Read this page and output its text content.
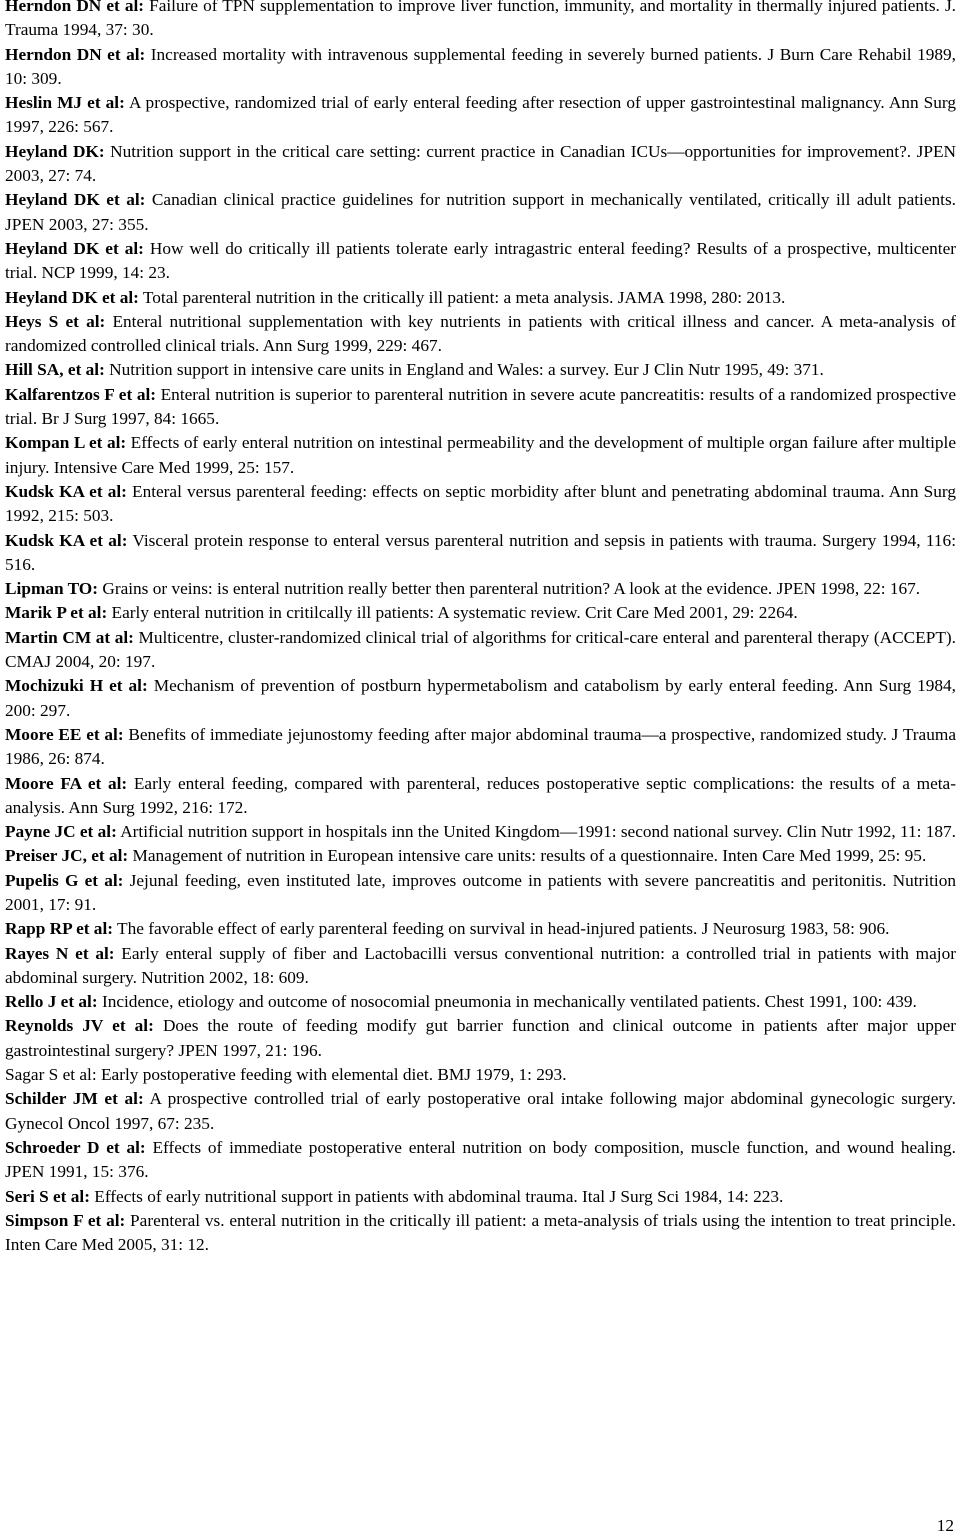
Herndon DN et al: Failure of TPN supplementation to improve liver function, immunity, and mortality in thermally injured patients. J. Trauma 1994, 37: 30.

Herndon DN et al: Increased mortality with intravenous supplemental feeding in severely burned patients. J Burn Care Rehabil 1989, 10: 309.

Heslin MJ et al: A prospective, randomized trial of early enteral feeding after resection of upper gastrointestinal malignancy. Ann Surg 1997, 226: 567.

Heyland DK: Nutrition support in the critical care setting: current practice in Canadian ICUs—opportunities for improvement?. JPEN 2003, 27: 74.

Heyland DK et al: Canadian clinical practice guidelines for nutrition support in mechanically ventilated, critically ill adult patients. JPEN 2003, 27: 355.

Heyland DK et al: How well do critically ill patients tolerate early intragastric enteral feeding? Results of a prospective, multicenter trial. NCP 1999, 14: 23.

Heyland DK et al: Total parenteral nutrition in the critically ill patient: a meta analysis. JAMA 1998, 280: 2013.

Heys S et al: Enteral nutritional supplementation with key nutrients in patients with critical illness and cancer. A meta-analysis of randomized controlled clinical trials. Ann Surg 1999, 229: 467.

Hill SA, et al: Nutrition support in intensive care units in England and Wales: a survey. Eur J Clin Nutr 1995, 49: 371.

Kalfarentzos F et al: Enteral nutrition is superior to parenteral nutrition in severe acute pancreatitis: results of a randomized prospective trial. Br J Surg 1997, 84: 1665.

Kompan L et al: Effects of early enteral nutrition on intestinal permeability and the development of multiple organ failure after multiple injury. Intensive Care Med 1999, 25: 157.

Kudsk KA et al: Enteral versus parenteral feeding: effects on septic morbidity after blunt and penetrating abdominal trauma. Ann Surg 1992, 215: 503.

Kudsk KA et al: Visceral protein response to enteral versus parenteral nutrition and sepsis in patients with trauma. Surgery 1994, 116: 516.

Lipman TO: Grains or veins: is enteral nutrition really better then parenteral nutrition? A look at the evidence. JPEN 1998, 22: 167.

Marik P et al: Early enteral nutrition in critilcally ill patients: A systematic review. Crit Care Med 2001, 29: 2264.

Martin CM at al: Multicentre, cluster-randomized clinical trial of algorithms for critical-care enteral and parenteral therapy (ACCEPT). CMAJ 2004, 20: 197.

Mochizuki H et al: Mechanism of prevention of postburn hypermetabolism and catabolism by early enteral feeding. Ann Surg 1984, 200: 297.

Moore EE et al: Benefits of immediate jejunostomy feeding after major abdominal trauma—a prospective, randomized study. J Trauma 1986, 26: 874.

Moore FA et al: Early enteral feeding, compared with parenteral, reduces postoperative septic complications: the results of a meta-analysis. Ann Surg 1992, 216: 172.

Payne JC et al: Artificial nutrition support in hospitals inn the United Kingdom—1991: second national survey. Clin Nutr 1992, 11: 187.

Preiser JC, et al: Management of nutrition in European intensive care units: results of a questionnaire. Inten Care Med 1999, 25: 95.

Pupelis G et al: Jejunal feeding, even instituted late, improves outcome in patients with severe pancreatitis and peritonitis. Nutrition 2001, 17: 91.

Rapp RP et al: The favorable effect of early parenteral feeding on survival in head-injured patients. J Neurosurg 1983, 58: 906.

Rayes N et al: Early enteral supply of fiber and Lactobacilli versus conventional nutrition: a controlled trial in patients with major abdominal surgery. Nutrition 2002, 18: 609.

Rello J et al: Incidence, etiology and outcome of nosocomial pneumonia in mechanically ventilated patients. Chest 1991, 100: 439.

Reynolds JV et al: Does the route of feeding modify gut barrier function and clinical outcome in patients after major upper gastrointestinal surgery? JPEN 1997, 21: 196.

Sagar S et al: Early postoperative feeding with elemental diet. BMJ 1979, 1: 293.

Schilder JM et al: A prospective controlled trial of early postoperative oral intake following major abdominal gynecologic surgery. Gynecol Oncol 1997, 67: 235.

Schroeder D et al: Effects of immediate postoperative enteral nutrition on body composition, muscle function, and wound healing. JPEN 1991, 15: 376.

Seri S et al: Effects of early nutritional support in patients with abdominal trauma. Ital J Surg Sci 1984, 14: 223.

Simpson F et al: Parenteral vs. enteral nutrition in the critically ill patient: a meta-analysis of trials using the intention to treat principle. Inten Care Med 2005, 31: 12.

12
